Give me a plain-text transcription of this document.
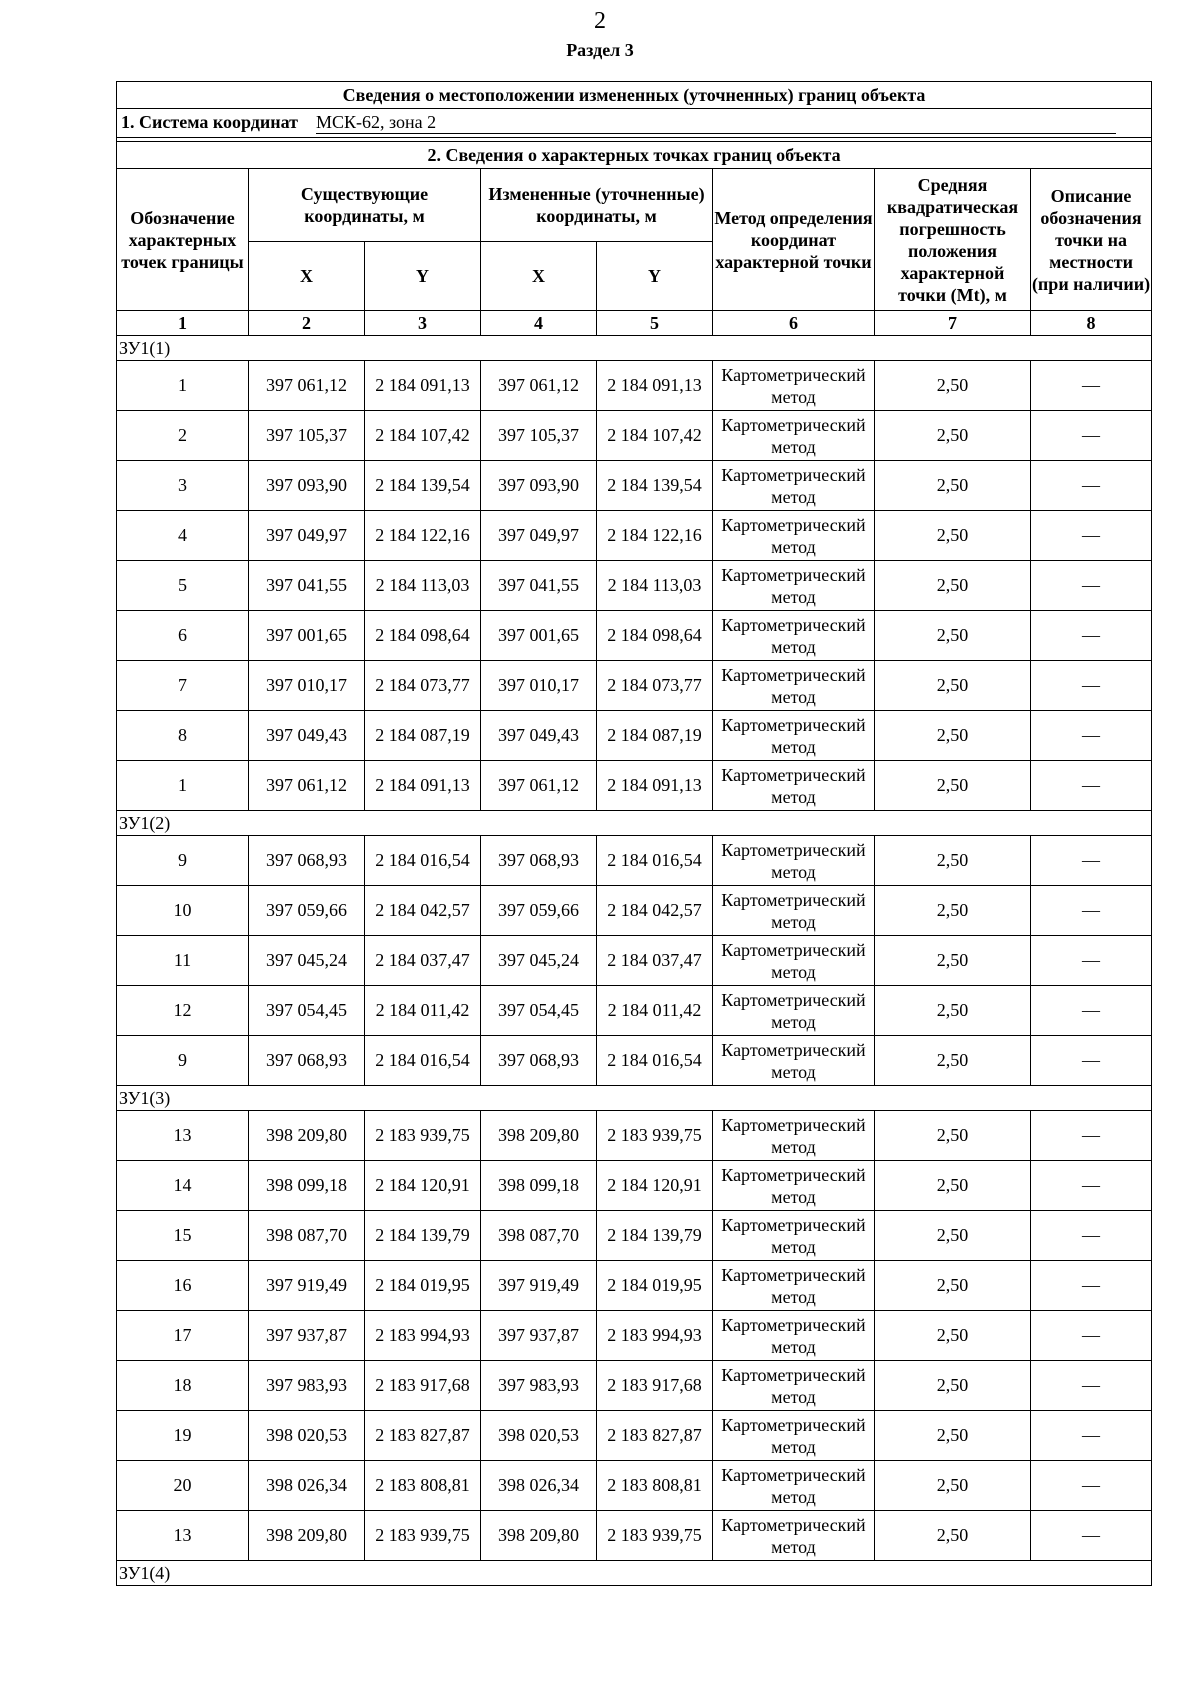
2
Раздел 3
Сведения о местоположении измененных (уточненных) границ объекта							
1. Система координат МСК-62, зона 2							

2. Сведения о характерных точках границ объекта							
Обозначение характерных точек границы	Существующие координаты, м		Измененные (уточненные) координаты, м		Метод определения координат характерной точки	Средняя квадратическая погрешность положения характерной точки (Mt), м	Описание обозначения точки на местности (при наличии)
	X	Y	X	Y			
1	2	3	4	5	6	7	8
ЗУ1(1)							
1	397 061,12	2 184 091,13	397 061,12	2 184 091,13	Картометрический метод	2,50	—
2	397 105,37	2 184 107,42	397 105,37	2 184 107,42	Картометрический метод	2,50	—
3	397 093,90	2 184 139,54	397 093,90	2 184 139,54	Картометрический метод	2,50	—
4	397 049,97	2 184 122,16	397 049,97	2 184 122,16	Картометрический метод	2,50	—
5	397 041,55	2 184 113,03	397 041,55	2 184 113,03	Картометрический метод	2,50	—
6	397 001,65	2 184 098,64	397 001,65	2 184 098,64	Картометрический метод	2,50	—
7	397 010,17	2 184 073,77	397 010,17	2 184 073,77	Картометрический метод	2,50	—
8	397 049,43	2 184 087,19	397 049,43	2 184 087,19	Картометрический метод	2,50	—
1	397 061,12	2 184 091,13	397 061,12	2 184 091,13	Картометрический метод	2,50	—
ЗУ1(2)							
9	397 068,93	2 184 016,54	397 068,93	2 184 016,54	Картометрический метод	2,50	—
10	397 059,66	2 184 042,57	397 059,66	2 184 042,57	Картометрический метод	2,50	—
11	397 045,24	2 184 037,47	397 045,24	2 184 037,47	Картометрический метод	2,50	—
12	397 054,45	2 184 011,42	397 054,45	2 184 011,42	Картометрический метод	2,50	—
9	397 068,93	2 184 016,54	397 068,93	2 184 016,54	Картометрический метод	2,50	—
ЗУ1(3)							
13	398 209,80	2 183 939,75	398 209,80	2 183 939,75	Картометрический метод	2,50	—
14	398 099,18	2 184 120,91	398 099,18	2 184 120,91	Картометрический метод	2,50	—
15	398 087,70	2 184 139,79	398 087,70	2 184 139,79	Картометрический метод	2,50	—
16	397 919,49	2 184 019,95	397 919,49	2 184 019,95	Картометрический метод	2,50	—
17	397 937,87	2 183 994,93	397 937,87	2 183 994,93	Картометрический метод	2,50	—
18	397 983,93	2 183 917,68	397 983,93	2 183 917,68	Картометрический метод	2,50	—
19	398 020,53	2 183 827,87	398 020,53	2 183 827,87	Картометрический метод	2,50	—
20	398 026,34	2 183 808,81	398 026,34	2 183 808,81	Картометрический метод	2,50	—
13	398 209,80	2 183 939,75	398 209,80	2 183 939,75	Картометрический метод	2,50	—
ЗУ1(4)							
